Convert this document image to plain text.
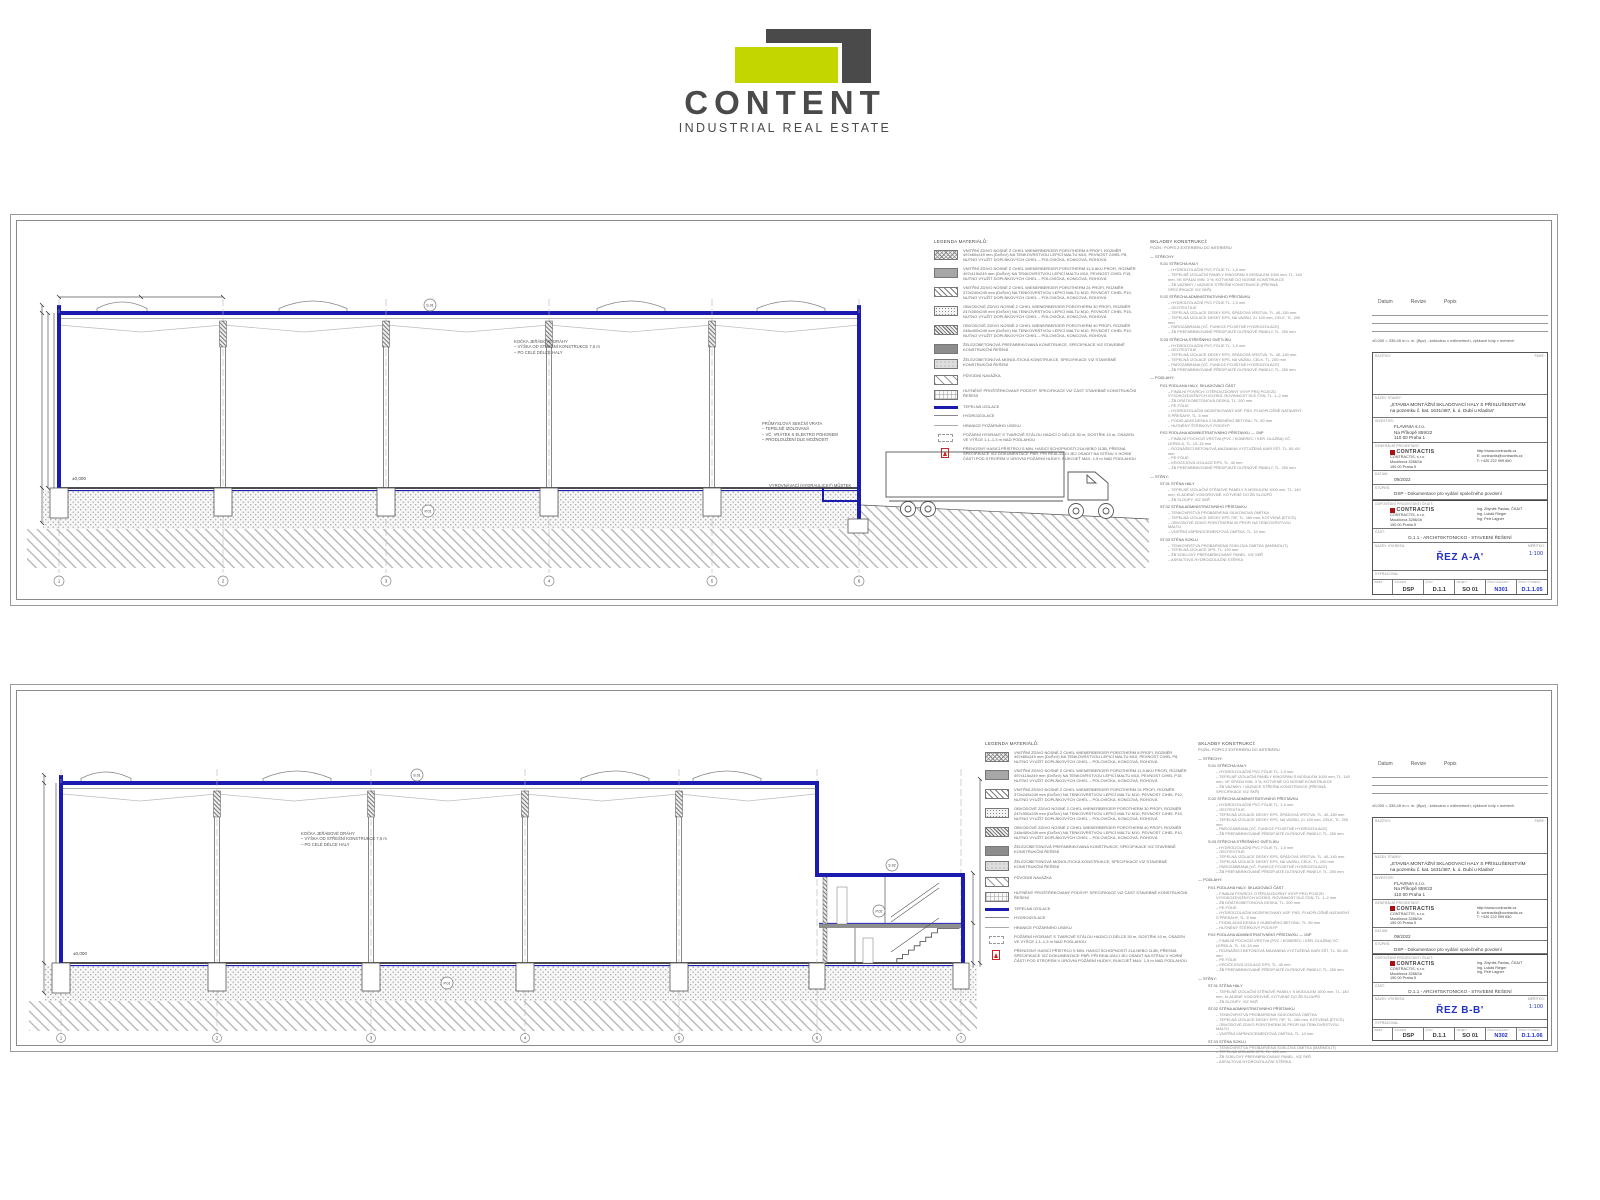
CONTENT
INDUSTRIAL REAL ESTATE
S.01
P.01
1	2	3	4	5	6
KOČKA JEŘÁBOVÉ DRÁHY
– VÝŠKA OD STŘEŠNÍ KONSTRUKCE 7,6 m
– PO CELÉ DÉLCE HALY
PRŮMYSLOVÁ SEKČNÍ VRATA
– TEPELNĚ IZOLOVANÁ
– VČ. VRÁTEK S ELEKTRO POHONEM
– PRODLOUŽENÍ DLE MOŽNOSTI
VYROVNÁVACÍ (HYDRAULICKÝ) MŮSTEK
±0,000
LEGENDA MATERIÁLŮ:
VNITŘNÍ ZDIVO NOSNÉ Z CIHEL WIENERBERGER POROTHERM 8 PROFI, ROZMĚR 497x80x249 mm (DxŠxV) NA TENKOVRSTVOU LEPICÍ MALTU M10, PEVNOST CIHEL P8, NUTNO VYUŽÍT DOPLŇKOVÝCH CIHEL – POLOVIČKA, KONCOVÁ, ROHOVÁ
VNITŘNÍ ZDIVO NOSNÉ Z CIHEL WIENERBERGER POROTHERM 11,5 AKU PROFI, ROZMĚR 497x115x249 mm (DxŠxV) NA TENKOVRSTVOU LEPICÍ MALTU M10, PEVNOST CIHEL P15, NUTNO VYUŽÍT DOPLŇKOVÝCH CIHEL – POLOVIČKA, KONCOVÁ, ROHOVÁ
VNITŘNÍ ZDIVO NOSNÉ Z CIHEL WIENERBERGER POROTHERM 24 PROFI, ROZMĚR 372x240x249 mm (DxŠxV) NA TENKOVRSTVOU LEPICÍ MALTU M10, PEVNOST CIHEL P10, NUTNO VYUŽÍT DOPLŇKOVÝCH CIHEL – POLOVIČKA, KONCOVÁ, ROHOVÁ
OBVODOVÉ ZDIVO NOSNÉ Z CIHEL WIENERBERGER POROTHERM 30 PROFI, ROZMĚR 247x300x249 mm (DxŠxV) NA TENKOVRSTVOU LEPICÍ MALTU M10, PEVNOST CIHEL P15, NUTNO VYUŽÍT DOPLŇKOVÝCH CIHEL – POLOVIČKA, KONCOVÁ, ROHOVÁ
OBVODOVÉ ZDIVO NOSNÉ Z CIHEL WIENERBERGER POROTHERM 40 PROFI, ROZMĚR 248x400x249 mm (DxŠxV) NA TENKOVRSTVOU LEPICÍ MALTU M10, PEVNOST CIHEL P10, NUTNO VYUŽÍT DOPLŇKOVÝCH CIHEL – POLOVIČKA, KONCOVÁ, ROHOVÁ
ŽELEZOBETONOVÁ PREFABRIKOVANÁ KONSTRUKCE, SPECIFIKACE VIZ STAVEBNĚ KONSTRUKČNÍ ŘEŠENÍ
ŽELEZOBETONOVÁ MONOLITICKÁ KONSTRUKCE, SPECIFIKACE VIZ STAVEBNĚ KONSTRUKČNÍ ŘEŠENÍ
PŮVODNÍ NAVÁŽKA
HUTNĚNÝ PROŠTĚRKOVANÝ PODSYP, SPECIFIKACE VIZ ČÁST STAVEBNĚ KONSTRUKČNÍ ŘEŠENÍ
TEPELNÁ IZOLACE
HYDROIZOLACE
HRANICE POŽÁRNÍHO ÚSEKU
POŽÁRNÍ HYDRANT S TVAROVĚ STÁLOU HADICÍ O DÉLCE 30 m, DOSTŘIK 10 m, OSAZEN VE VÝŠCE 1,1–1,3 m NAD PODLAHOU
PŘENOSNÝ HASICÍ PŘÍSTROJ S MIN. HASICÍ SCHOPNOSTÍ 21A NEBO 113B, PŘESNÁ SPECIFIKACE VIZ DOKUMENTACE PBŘ; PŘI REALIZACI JEJ OSADIT NA STĚNU V HORNÍ ČÁSTI POD STROPEM V ÚROVNI POŽÁRNÍ HLÍDKY, RUKOJEŤ MAX. 1,5 m NAD PODLAHOU
SKLADBY KONSTRUKCÍ:
POZN.: POPIS Z EXTERIÉRU DO INTERIÉRU
— STŘECHY:
S.01 STŘECHA HALY
– HYDROIZOLAČNÍ PVC FÓLIE TL. 1,5 mm
– TEPELNĚ IZOLAČNÍ PANELY KINGSPAN S MODULEM 1000 mm, TL. 140 mm, VE SPÁDU MIN. 3 %, KOTVENÉ DO NOSNÉ KONSTRUKCE
– ŽB VAZNÍKY / VAZNICE STŘEŠNÍ KONSTRUKCE (PŘESNÁ SPECIFIKACE VIZ SKŘ)
S.02 STŘECHA ADMINISTRATIVNÍHO PŘÍSTAVKU
– HYDROIZOLAČNÍ PVC FÓLIE TL. 1,5 mm
– GEOTEXTILIE
– TEPELNÁ IZOLACE DESKY EPS, SPÁDOVÁ VRSTVA, TL. 40–150 mm
– TEPELNÁ IZOLACE DESKY EPS, NA VAZBU, 2× 100 mm, CELK. TL. 200 mm
– PAROZÁBRANA (VČ. FUNKCE POJISTNÉ HYDROIZOLACE)
– ŽB PREFABRIKOVANÉ PŘEDPJATÉ DUTINOVÉ PANELY, TL. 250 mm
S.03 STŘECHA STŘEŠNÍHO SVĚTLÍKU
– HYDROIZOLAČNÍ PVC FÓLIE TL. 1,5 mm
– GEOTEXTILIE
– TEPELNÁ IZOLACE DESKY EPS, SPÁDOVÁ VRSTVA, TL. 40–140 mm
– TEPELNÁ IZOLACE DESKY EPS, NA VAZBU, CELK. TL. 200 mm
– PAROZÁBRANA (VČ. FUNKCE POJISTNÉ HYDROIZOLACE)
– ŽB PREFABRIKOVANÉ PŘEDPJATÉ DUTINOVÉ PANELY, TL. 250 mm
— PODLAHY:
P.01 PODLAHA HALY, SKLADOVACÍ ČÁST
– FINÁLNÍ POVRCH: OTĚRUVZDORNÝ VSYP PRO POJEZD VYSOKOZDVIŽNÝCH VOZÍKŮ, ROVINNOST DLE ČSN, TL. 1–2 mm
– ŽB DRÁTKOBETONOVÁ DESKA, TL. 200 mm
– PE FÓLIE
– HYDROIZOLAČNÍ MODIFIKOVANÝ ASF. PÁS, PLNOPLOŠNĚ NATAVENÝ S PŘESAHY, TL. 5 mm
– PODKLADNÍ DESKA Z HUBENÉHO BETONU, TL. 50 mm
– HUTNĚNÝ ŠTĚRKOVÝ PODSYP
P.02 PODLAHA ADMINISTRATIVNÍHO PŘÍSTAVKU — 1NP
– FINÁLNÍ POCHOZÍ VRSTVA (PVC / KOBEREC / KER. DLAŽBA) VČ. LEPIDLA, TL. 10–15 mm
– ROZNÁŠECÍ BETONOVÁ MAZANINA VYZTUŽENÁ KARI SÍTÍ, TL. 50–60 mm
– PE FÓLIE
– KROČEJOVÁ IZOLACE EPS, TL. 40 mm
– ŽB PREFABRIKOVANÉ PŘEDPJATÉ DUTINOVÉ PANELY, TL. 250 mm
— STĚNY:
ST.01 STĚNA HALY
– TEPELNĚ IZOLAČNÍ STĚNOVÉ PANELY S MODULEM 1000 mm, TL. 140 mm, KLADENÉ VODOROVNĚ, KOTVENÉ DO ŽB SLOUPŮ
– ŽB SLOUPY, VIZ SKŘ
ST.02 STĚNA ADMINISTRATIVNÍHO PŘÍSTAVKU
– TENKOVRSTVÁ PROBARVENÁ SILIKONOVÁ OMÍTKA
– TEPELNÁ IZOLACE DESKY EPS 70F, TL. 160 mm, KOTVENÁ (ETICS)
– OBVODOVÉ ZDIVO POROTHERM 30 PROFI NA TENKOVRSTVOU MALTU
– VNITŘNÍ VÁPENOCEMENTOVÁ OMÍTKA, TL. 10 mm
ST.03 STĚNA SOKLU
– TENKOVRSTVÁ PROBARVENÁ SOKLOVÁ OMÍTKA (MARMOLIT)
– TEPELNÁ IZOLACE XPS, TL. 120 mm
– ŽB SOKLOVÝ PREFABRIKOVANÝ PANEL, VIZ SKŘ
– ASFALTOVÁ HYDROIZOLAČNÍ STĚRKA
Datum	Revize	Popis
±0,000 = 335,45 m n. m. (Bpv) - kótováno v milimetrech, výškové kóty v metrech
RAZÍTKO:	PARÉ:
NÁZEV STAVBY:
„STAVBA MONTÁŽNÍ SKLADOVACÍ HALY S PŘÍSLUŠENSTVÍM
na pozemku č. kat. 1631/487, k. ú. Dubí u Kladna“
INVESTOR:
FLAVINIA s.r.o.
Na Příkopě 859/22
110 00 Praha 1
GENERÁLNÍ PROJEKTANT:
CONTRACTIS
CONTRACTIS, s.r.o.
Moulíkova 3286/1b
150 00 Praha 5
http://www.contractis.cz
E: contractis@contractis.cz
T: +420 222 999 650
DATUM:
09/2022
STUPEŇ:
DSP - Dokumentace pro vydání společného povolení
ODPOVĚDNÍ PROJEKTANTI ČKAIT:
CONTRACTIS
CONTRACTIS, s.r.o.
Moulíkova 3286/1b
150 00 Praha 5
Ing. Zbyněk Pavlas, ČKAIT
Ing. Lukáš Rieger
Ing. Petr Lagner
ČÁST:
D.1.1 - ARCHITEKTONICKO - STAVEBNÍ ŘEŠENÍ
NÁZEV VÝKRESU:	MĚŘÍTKO:
ŘEZ A-A'	1:100
VYPRACOVAL:
INDEX	STUPEŇ
DSP
ČÁST
D.1.1
OBJEKT
SO 01
ČÍSLO ZAKÁZKY
N301
ČÍSLO VÝKRESU
D.1.1.05
S.01
P.01
S.02
P.02
1	2	3	4	5	6	7
KOČKA JEŘÁBOVÉ DRÁHY
– VÝŠKA OD STŘEŠNÍ KONSTRUKCE 7,6 m
– PO CELÉ DÉLCE HALY
±0,000
LEGENDA MATERIÁLŮ:
VNITŘNÍ ZDIVO NOSNÉ Z CIHEL WIENERBERGER POROTHERM 8 PROFI, ROZMĚR 497x80x249 mm (DxŠxV) NA TENKOVRSTVOU LEPICÍ MALTU M10, PEVNOST CIHEL P8, NUTNO VYUŽÍT DOPLŇKOVÝCH CIHEL – POLOVIČKA, KONCOVÁ, ROHOVÁ
VNITŘNÍ ZDIVO NOSNÉ Z CIHEL WIENERBERGER POROTHERM 11,5 AKU PROFI, ROZMĚR 497x115x249 mm (DxŠxV) NA TENKOVRSTVOU LEPICÍ MALTU M10, PEVNOST CIHEL P15, NUTNO VYUŽÍT DOPLŇKOVÝCH CIHEL – POLOVIČKA, KONCOVÁ, ROHOVÁ
VNITŘNÍ ZDIVO NOSNÉ Z CIHEL WIENERBERGER POROTHERM 24 PROFI, ROZMĚR 372x240x249 mm (DxŠxV) NA TENKOVRSTVOU LEPICÍ MALTU M10, PEVNOST CIHEL P10, NUTNO VYUŽÍT DOPLŇKOVÝCH CIHEL – POLOVIČKA, KONCOVÁ, ROHOVÁ
OBVODOVÉ ZDIVO NOSNÉ Z CIHEL WIENERBERGER POROTHERM 30 PROFI, ROZMĚR 247x300x249 mm (DxŠxV) NA TENKOVRSTVOU LEPICÍ MALTU M10, PEVNOST CIHEL P15, NUTNO VYUŽÍT DOPLŇKOVÝCH CIHEL – POLOVIČKA, KONCOVÁ, ROHOVÁ
OBVODOVÉ ZDIVO NOSNÉ Z CIHEL WIENERBERGER POROTHERM 40 PROFI, ROZMĚR 248x400x249 mm (DxŠxV) NA TENKOVRSTVOU LEPICÍ MALTU M10, PEVNOST CIHEL P10, NUTNO VYUŽÍT DOPLŇKOVÝCH CIHEL – POLOVIČKA, KONCOVÁ, ROHOVÁ
ŽELEZOBETONOVÁ PREFABRIKOVANÁ KONSTRUKCE, SPECIFIKACE VIZ STAVEBNĚ KONSTRUKČNÍ ŘEŠENÍ
ŽELEZOBETONOVÁ MONOLITICKÁ KONSTRUKCE, SPECIFIKACE VIZ STAVEBNĚ KONSTRUKČNÍ ŘEŠENÍ
PŮVODNÍ NAVÁŽKA
HUTNĚNÝ PROŠTĚRKOVANÝ PODSYP, SPECIFIKACE VIZ ČÁST STAVEBNĚ KONSTRUKČNÍ ŘEŠENÍ
TEPELNÁ IZOLACE
HYDROIZOLACE
HRANICE POŽÁRNÍHO ÚSEKU
POŽÁRNÍ HYDRANT S TVAROVĚ STÁLOU HADICÍ O DÉLCE 30 m, DOSTŘIK 10 m, OSAZEN VE VÝŠCE 1,1–1,3 m NAD PODLAHOU
PŘENOSNÝ HASICÍ PŘÍSTROJ S MIN. HASICÍ SCHOPNOSTÍ 21A NEBO 113B, PŘESNÁ SPECIFIKACE VIZ DOKUMENTACE PBŘ; PŘI REALIZACI JEJ OSADIT NA STĚNU V HORNÍ ČÁSTI POD STROPEM V ÚROVNI POŽÁRNÍ HLÍDKY, RUKOJEŤ MAX. 1,5 m NAD PODLAHOU
SKLADBY KONSTRUKCÍ:
POZN.: POPIS Z EXTERIÉRU DO INTERIÉRU
— STŘECHY:
S.01 STŘECHA HALY
– HYDROIZOLAČNÍ PVC FÓLIE TL. 1,5 mm
– TEPELNĚ IZOLAČNÍ PANELY KINGSPAN S MODULEM 1000 mm, TL. 140 mm, VE SPÁDU MIN. 3 %, KOTVENÉ DO NOSNÉ KONSTRUKCE
– ŽB VAZNÍKY / VAZNICE STŘEŠNÍ KONSTRUKCE (PŘESNÁ SPECIFIKACE VIZ SKŘ)
S.02 STŘECHA ADMINISTRATIVNÍHO PŘÍSTAVKU
– HYDROIZOLAČNÍ PVC FÓLIE TL. 1,5 mm
– GEOTEXTILIE
– TEPELNÁ IZOLACE DESKY EPS, SPÁDOVÁ VRSTVA, TL. 40–150 mm
– TEPELNÁ IZOLACE DESKY EPS, NA VAZBU, 2× 100 mm, CELK. TL. 200 mm
– PAROZÁBRANA (VČ. FUNKCE POJISTNÉ HYDROIZOLACE)
– ŽB PREFABRIKOVANÉ PŘEDPJATÉ DUTINOVÉ PANELY, TL. 250 mm
S.03 STŘECHA STŘEŠNÍHO SVĚTLÍKU
– HYDROIZOLAČNÍ PVC FÓLIE TL. 1,5 mm
– GEOTEXTILIE
– TEPELNÁ IZOLACE DESKY EPS, SPÁDOVÁ VRSTVA, TL. 40–140 mm
– TEPELNÁ IZOLACE DESKY EPS, NA VAZBU, CELK. TL. 200 mm
– PAROZÁBRANA (VČ. FUNKCE POJISTNÉ HYDROIZOLACE)
– ŽB PREFABRIKOVANÉ PŘEDPJATÉ DUTINOVÉ PANELY, TL. 250 mm
— PODLAHY:
P.01 PODLAHA HALY, SKLADOVACÍ ČÁST
– FINÁLNÍ POVRCH: OTĚRUVZDORNÝ VSYP PRO POJEZD VYSOKOZDVIŽNÝCH VOZÍKŮ, ROVINNOST DLE ČSN, TL. 1–2 mm
– ŽB DRÁTKOBETONOVÁ DESKA, TL. 200 mm
– PE FÓLIE
– HYDROIZOLAČNÍ MODIFIKOVANÝ ASF. PÁS, PLNOPLOŠNĚ NATAVENÝ S PŘESAHY, TL. 5 mm
– PODKLADNÍ DESKA Z HUBENÉHO BETONU, TL. 50 mm
– HUTNĚNÝ ŠTĚRKOVÝ PODSYP
P.02 PODLAHA ADMINISTRATIVNÍHO PŘÍSTAVKU — 1NP
– FINÁLNÍ POCHOZÍ VRSTVA (PVC / KOBEREC / KER. DLAŽBA) VČ. LEPIDLA, TL. 10–15 mm
– ROZNÁŠECÍ BETONOVÁ MAZANINA VYZTUŽENÁ KARI SÍTÍ, TL. 50–60 mm
– PE FÓLIE
– KROČEJOVÁ IZOLACE EPS, TL. 40 mm
– ŽB PREFABRIKOVANÉ PŘEDPJATÉ DUTINOVÉ PANELY, TL. 250 mm
— STĚNY:
ST.01 STĚNA HALY
– TEPELNĚ IZOLAČNÍ STĚNOVÉ PANELY S MODULEM 1000 mm, TL. 140 mm, KLADENÉ VODOROVNĚ, KOTVENÉ DO ŽB SLOUPŮ
– ŽB SLOUPY, VIZ SKŘ
ST.02 STĚNA ADMINISTRATIVNÍHO PŘÍSTAVKU
– TENKOVRSTVÁ PROBARVENÁ SILIKONOVÁ OMÍTKA
– TEPELNÁ IZOLACE DESKY EPS 70F, TL. 160 mm, KOTVENÁ (ETICS)
– OBVODOVÉ ZDIVO POROTHERM 30 PROFI NA TENKOVRSTVOU MALTU
– VNITŘNÍ VÁPENOCEMENTOVÁ OMÍTKA, TL. 10 mm
ST.03 STĚNA SOKLU
– TENKOVRSTVÁ PROBARVENÁ SOKLOVÁ OMÍTKA (MARMOLIT)
– TEPELNÁ IZOLACE XPS, TL. 120 mm
– ŽB SOKLOVÝ PREFABRIKOVANÝ PANEL, VIZ SKŘ
– ASFALTOVÁ HYDROIZOLAČNÍ STĚRKA
Datum	Revize	Popis
±0,000 = 335,45 m n. m. (Bpv) - kótováno v milimetrech, výškové kóty v metrech
RAZÍTKO:	PARÉ:
NÁZEV STAVBY:
„STAVBA MONTÁŽNÍ SKLADOVACÍ HALY S PŘÍSLUŠENSTVÍM
na pozemku č. kat. 1631/487, k. ú. Dubí u Kladna“
INVESTOR:
FLAVINIA s.r.o.
Na Příkopě 859/22
110 00 Praha 1
GENERÁLNÍ PROJEKTANT:
CONTRACTIS
CONTRACTIS, s.r.o.
Moulíkova 3286/1b
150 00 Praha 5
http://www.contractis.cz
E: contractis@contractis.cz
T: +420 222 999 650
DATUM:
09/2022
STUPEŇ:
DSP - Dokumentace pro vydání společného povolení
ODPOVĚDNÍ PROJEKTANTI ČKAIT:
CONTRACTIS
CONTRACTIS, s.r.o.
Moulíkova 3286/1b
150 00 Praha 5
Ing. Zbyněk Pavlas, ČKAIT
Ing. Lukáš Rieger
Ing. Petr Lagner
ČÁST:
D.1.1 - ARCHITEKTONICKO - STAVEBNÍ ŘEŠENÍ
NÁZEV VÝKRESU:	MĚŘÍTKO:
ŘEZ B-B'	1:100
VYPRACOVAL:
INDEX	STUPEŇ
DSP
ČÁST
D.1.1
OBJEKT
SO 01
ČÍSLO ZAKÁZKY
N302
ČÍSLO VÝKRESU
D.1.1.06
